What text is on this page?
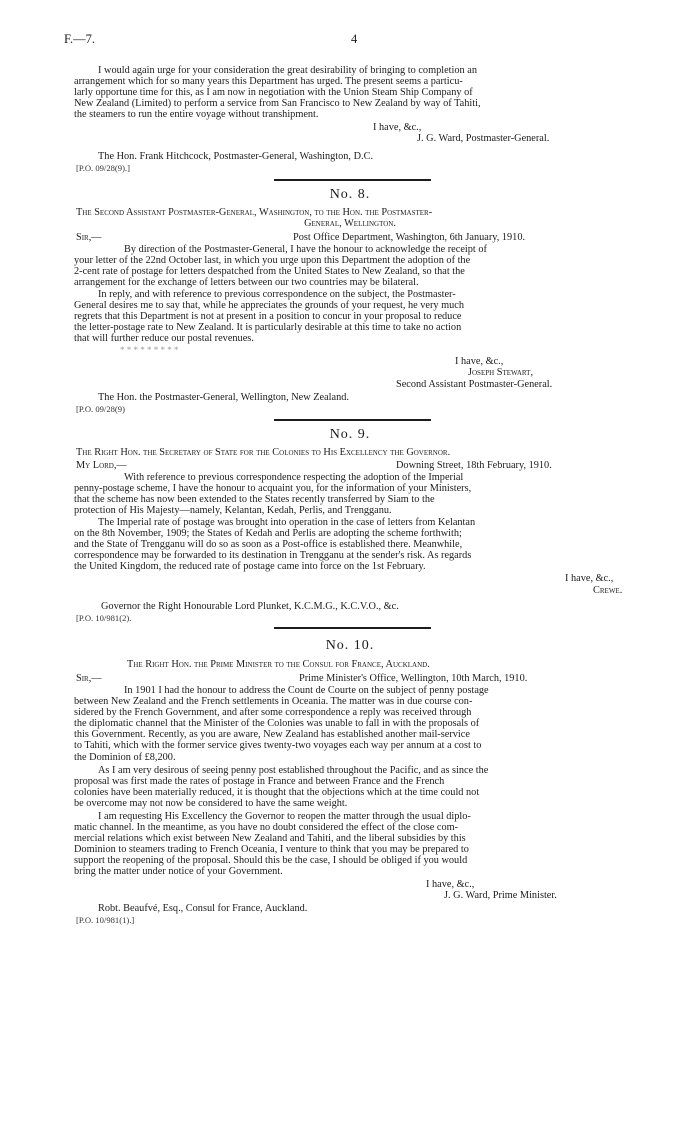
F.—7.	4
I would again urge for your consideration the great desirability of bringing to completion an
arrangement which for so many years this Department has urged. The present seems a particu-
larly opportune time for this, as I am now in negotiation with the Union Steam Ship Company of
New Zealand (Limited) to perform a service from San Francisco to New Zealand by way of Tahiti,
the steamers to run the entire voyage without transhipment.
I have, &c.,
J. G. Ward, Postmaster-General.
The Hon. Frank Hitchcock, Postmaster-General, Washington, D.C.
[P.O. 09/28(9).]
No. 8.
The Second Assistant Postmaster-General, Washington, to the Hon. the Postmaster-
General, Wellington.
Sir,—	Post Office Department, Washington, 6th January, 1910.
By direction of the Postmaster-General, I have the honour to acknowledge the receipt of
your letter of the 22nd October last, in which you urge upon this Department the adoption of the
2-cent rate of postage for letters despatched from the United States to New Zealand, so that the
arrangement for the exchange of letters between our two countries may be bilateral.
In reply, and with reference to previous correspondence on the subject, the Postmaster-
General desires me to say that, while he appreciates the grounds of your request, he very much
regrets that this Department is not at present in a position to concur in your proposal to reduce
the letter-postage rate to New Zealand. It is particularly desirable at this time to take no action
that will further reduce our postal revenues.
* * * * * * * * *
I have, &c.,
Joseph Stewart,
Second Assistant Postmaster-General.
The Hon. the Postmaster-General, Wellington, New Zealand.
[P.O. 09/28(9)
No. 9.
The Right Hon. the Secretary of State for the Colonies to His Excellency the Governor.
My Lord,—	Downing Street, 18th February, 1910.
With reference to previous correspondence respecting the adoption of the Imperial
penny-postage scheme, I have the honour to acquaint you, for the information of your Ministers,
that the scheme has now been extended to the States recently transferred by Siam to the
protection of His Majesty—namely, Kelantan, Kedah, Perlis, and Trengganu.
The Imperial rate of postage was brought into operation in the case of letters from Kelantan
on the 8th November, 1909; the States of Kedah and Perlis are adopting the scheme forthwith;
and the State of Trengganu will do so as soon as a Post-office is established there. Meanwhile,
correspondence may be forwarded to its destination in Trengganu at the sender's risk. As regards
the United Kingdom, the reduced rate of postage came into force on the 1st February.
I have, &c.,
Crewe.
Governor the Right Honourable Lord Plunket, K.C.M.G., K.C.V.O., &c.
[P.O. 10/981(2).
No. 10.
The Right Hon. the Prime Minister to the Consul for France, Auckland.
Sir,—	Prime Minister's Office, Wellington, 10th March, 1910.
In 1901 I had the honour to address the Count de Courte on the subject of penny postage
between New Zealand and the French settlements in Oceania. The matter was in due course con-
sidered by the French Government, and after some correspondence a reply was received through
the diplomatic channel that the Minister of the Colonies was unable to fall in with the proposals of
this Government. Recently, as you are aware, New Zealand has established another mail-service
to Tahiti, which with the former service gives twenty-two voyages each way per annum at a cost to
the Dominion of £8,200.
As I am very desirous of seeing penny post established throughout the Pacific, and as since the
proposal was first made the rates of postage in France and between France and the French
colonies have been materially reduced, it is thought that the objections which at the time could not
be overcome may not now be considered to have the same weight.
I am requesting His Excellency the Governor to reopen the matter through the usual diplo-
matic channel. In the meantime, as you have no doubt considered the effect of the close com-
mercial relations which exist between New Zealand and Tahiti, and the liberal subsidies by this
Dominion to steamers trading to French Oceania, I venture to think that you may be prepared to
support the reopening of the proposal. Should this be the case, I should be obliged if you would
bring the matter under notice of your Government.
I have, &c.,
J. G. Ward, Prime Minister.
Robt. Beaufvé, Esq., Consul for France, Auckland.
[P.O. 10/981(1).]
